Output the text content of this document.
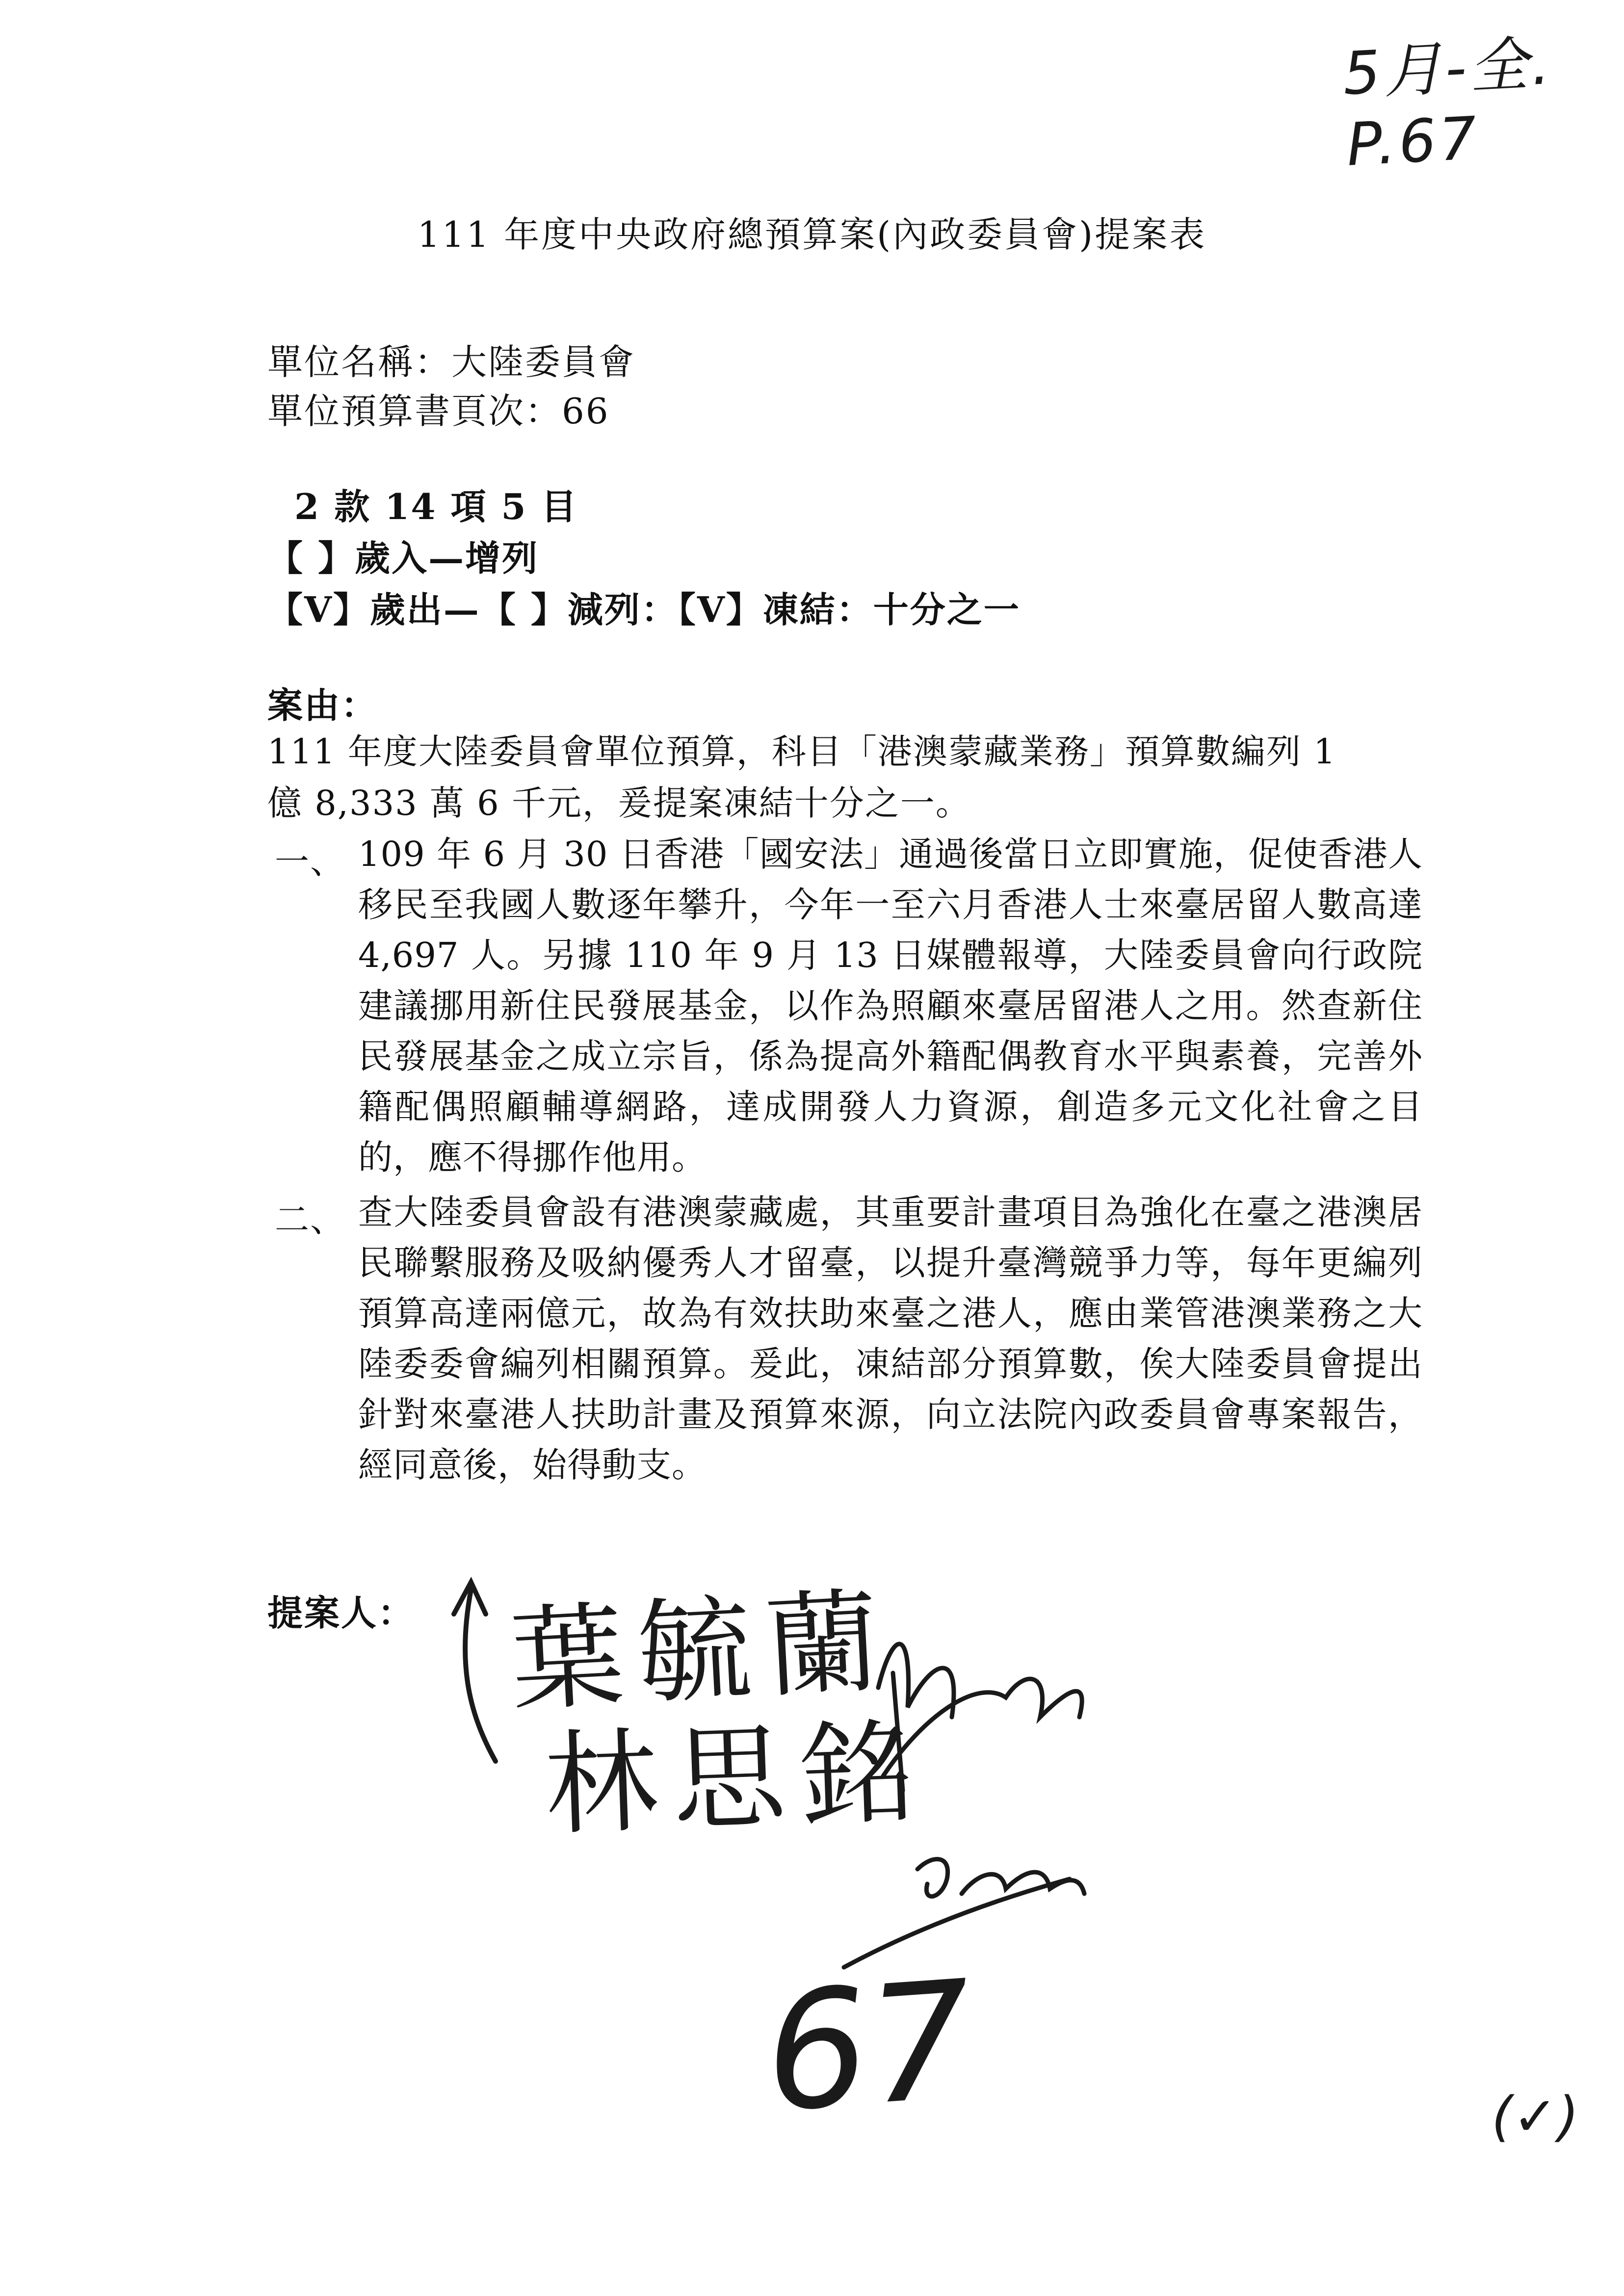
5月-全. P.67
111 年度中央政府總預算案(內政委員會)提案表
單位名稱：大陸委員會
單位預算書頁次：66
2 款 14 項 5 目
【 】歲入—增列
【V】歲出—【 】減列：【V】凍結：十分之一
案由：
111 年度大陸委員會單位預算，科目「港澳蒙藏業務」預算數編列 1
億 8,333 萬 6 千元，爰提案凍結十分之一。
一、 109 年 6 月 30 日香港「國安法」通過後當日立即實施，促使香港人移民至我國人數逐年攀升，今年一至六月香港人士來臺居留人數高達 4,697 人。另據 110 年 9 月 13 日媒體報導，大陸委員會向行政院建議挪用新住民發展基金，以作為照顧來臺居留港人之用。然查新住民發展基金之成立宗旨，係為提高外籍配偶教育水平與素養，完善外籍配偶照顧輔導網路，達成開發人力資源，創造多元文化社會之目的，應不得挪作他用。
二、 查大陸委員會設有港澳蒙藏處，其重要計畫項目為強化在臺之港澳居民聯繫服務及吸納優秀人才留臺，以提升臺灣競爭力等，每年更編列預算高達兩億元，故為有效扶助來臺之港人，應由業管港澳業務之大陸委委會編列相關預算。爰此，凍結部分預算數，俟大陸委員會提出針對來臺港人扶助計畫及預算來源，向立法院內政委員會專案報告，經同意後，始得動支。
提案人： 葉毓蘭
林思銘
67	(✓)
